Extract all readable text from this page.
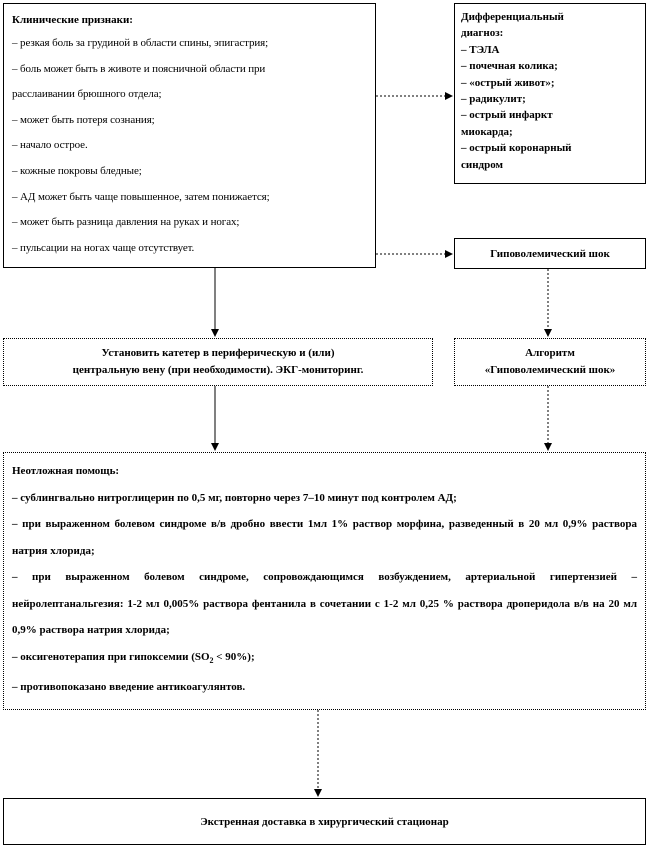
Клинические признаки:
– резкая боль за грудиной в области спины, эпигастрия;
– боль может быть в животе и поясничной области при
расслаивании брюшного отдела;
– может быть потеря сознания;
– начало острое.
– кожные покровы бледные;
– АД может быть чаще повышенное, затем понижается;
– может быть разница давления на руках и ногах;
– пульсации на ногах чаще отсутствует.
Дифференциальный
диагноз:
– ТЭЛА
– почечная колика;
– «острый живот»;
– радикулит;
– острый инфаркт
миокарда;
– острый коронарный
синдром
Гиповолемический шок
Установить катетер в периферическую и (или)
центральную вену (при необходимости). ЭКГ-мониторинг.
Алгоритм
«Гиповолемический шок»
Неотложная помощь:
– сублингвально нитроглицерин по 0,5 мг, повторно через 7–10 минут под контролем АД;
– при выраженном болевом синдроме в/в дробно ввести 1мл 1% раствор морфина, разведенный в 20 мл 0,9% раствора натрия хлорида;
– при выраженном болевом синдроме, сопровождающимся возбуждением, артериальной гипертензией – нейролептанальгезия: 1-2 мл 0,005% раствора фентанила в сочетании с 1-2 мл 0,25 % раствора дроперидола в/в на 20 мл 0,9% раствора натрия хлорида;
– оксигенотерапия при гипоксемии $(SO_2 < 90\%)$;
– противопоказано введение антикоагулянтов.
Экстренная доставка в хирургический стационар
